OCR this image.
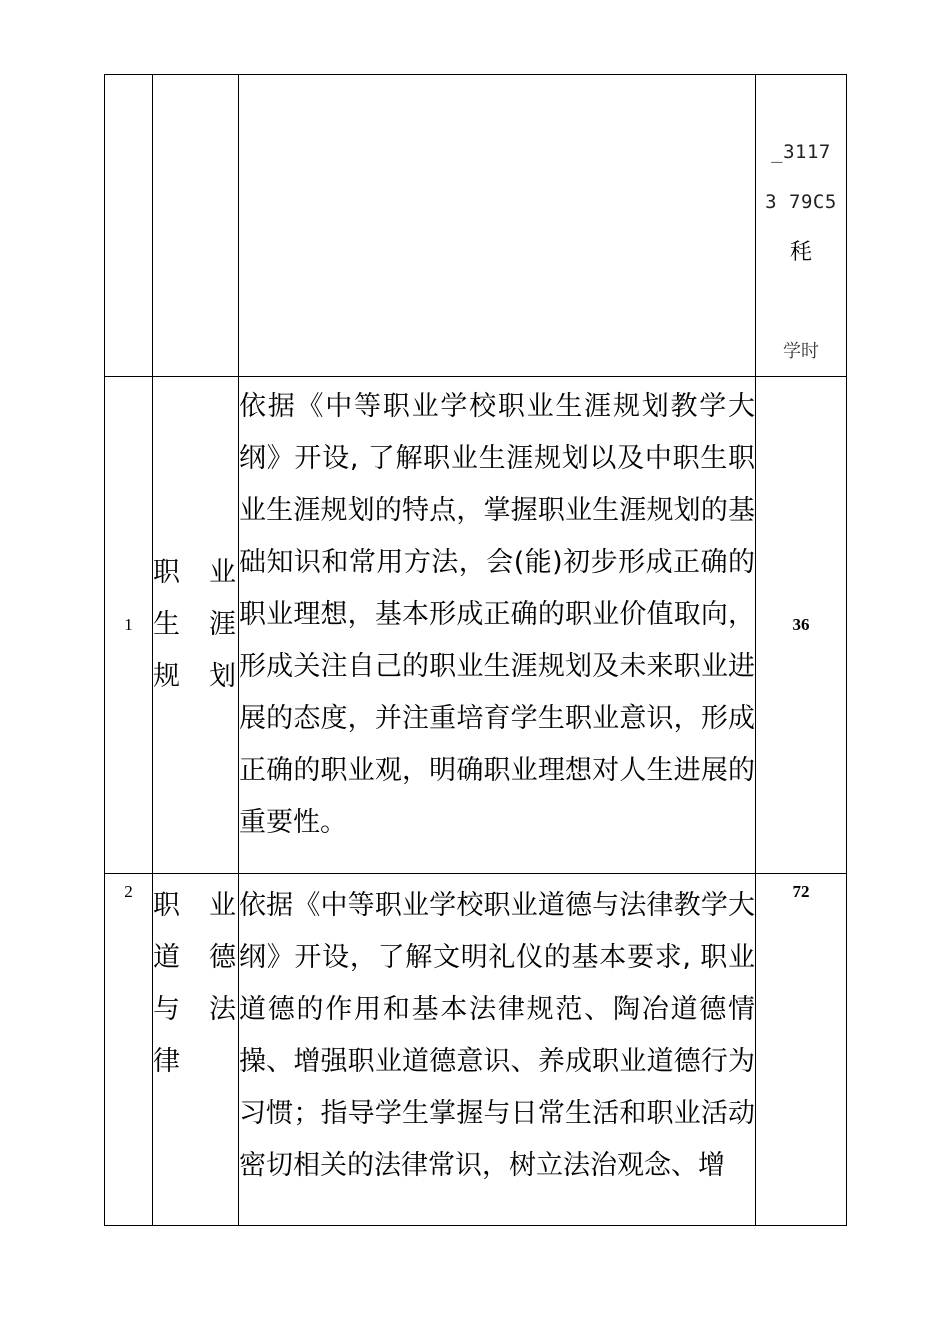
			_3117
3 79C5
秏
学时

1	职业生涯规划	依据《中等职业学校职业生涯规划教学大纲》开设, 了解职业生涯规划以及中职生职业生涯规划的特点，掌握职业生涯规划的基础知识和常用方法，会(能)初步形成正确的职业理想，基本形成正确的职业价值取向，形成关注自己的职业生涯规划及未来职业进展的态度，并注重培育学生职业意识，形成正确的职业观，明确职业理想对人生进展的重要性。	36
2	职业道德与法律	依据《中等职业学校职业道德与法律教学大纲》开设，了解文明礼仪的基本要求, 职业道德的作用和基本法律规范、陶冶道德情操、增强职业道德意识、养成职业道德行为习惯；指导学生掌握与日常生活和职业活动密切相关的法律常识，树立法治观念、增	72
